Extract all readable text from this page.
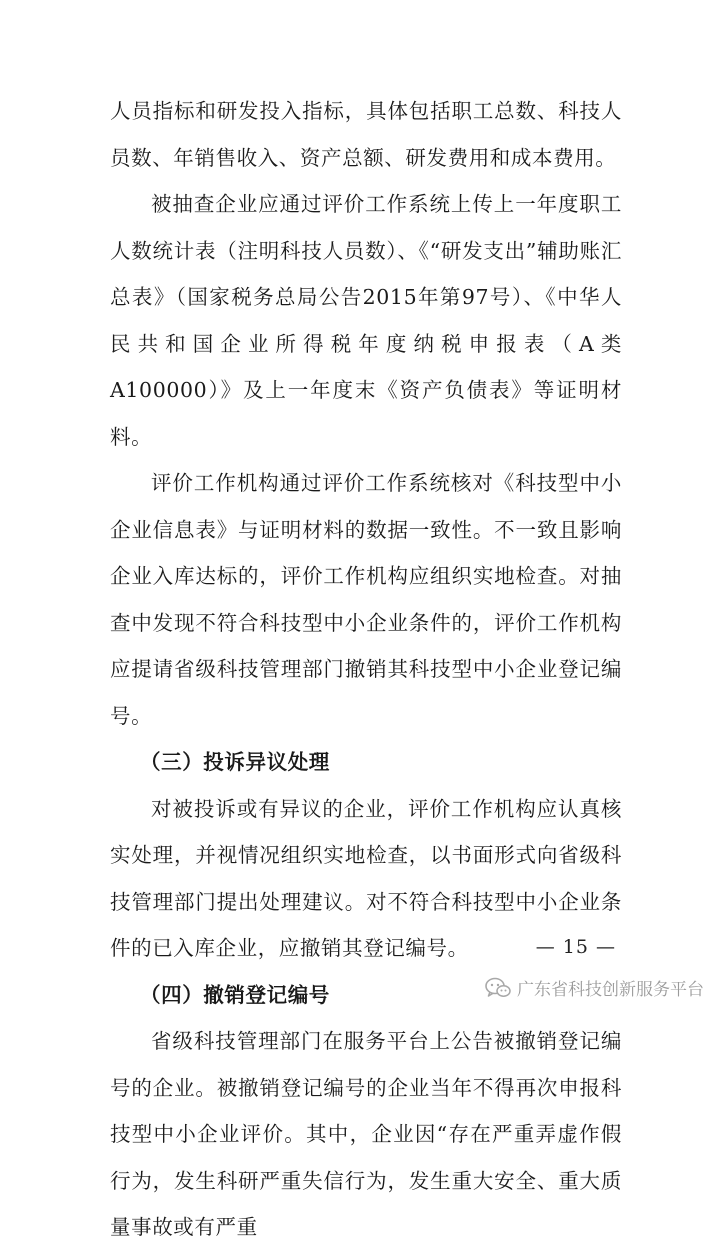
人员指标和研发投入指标，具体包括职工总数、科技人员数、年销售收入、资产总额、研发费用和成本费用。

被抽查企业应通过评价工作系统上传上一年度职工人数统计表（注明科技人员数）、《“研发支出”辅助账汇总表》（国家税务总局公告2015年第97号）、《中华人民共和国企业所得税年度纳税申报表（A类A100000）》及上一年度末《资产负债表》等证明材料。

评价工作机构通过评价工作系统核对《科技型中小企业信息表》与证明材料的数据一致性。不一致且影响企业入库达标的，评价工作机构应组织实地检查。对抽查中发现不符合科技型中小企业条件的，评价工作机构应提请省级科技管理部门撤销其科技型中小企业登记编号。

（三）投诉异议处理

对被投诉或有异议的企业，评价工作机构应认真核实处理，并视情况组织实地检查，以书面形式向省级科技管理部门提出处理建议。对不符合科技型中小企业条件的已入库企业，应撤销其登记编号。

（四）撤销登记编号

省级科技管理部门在服务平台上公告被撤销登记编号的企业。被撤销登记编号的企业当年不得再次申报科技型中小企业评价。其中，企业因“存在严重弄虚作假行为，发生科研严重失信行为，发生重大安全、重大质量事故或有严重

— 15 —
广东省科技创新服务平台
